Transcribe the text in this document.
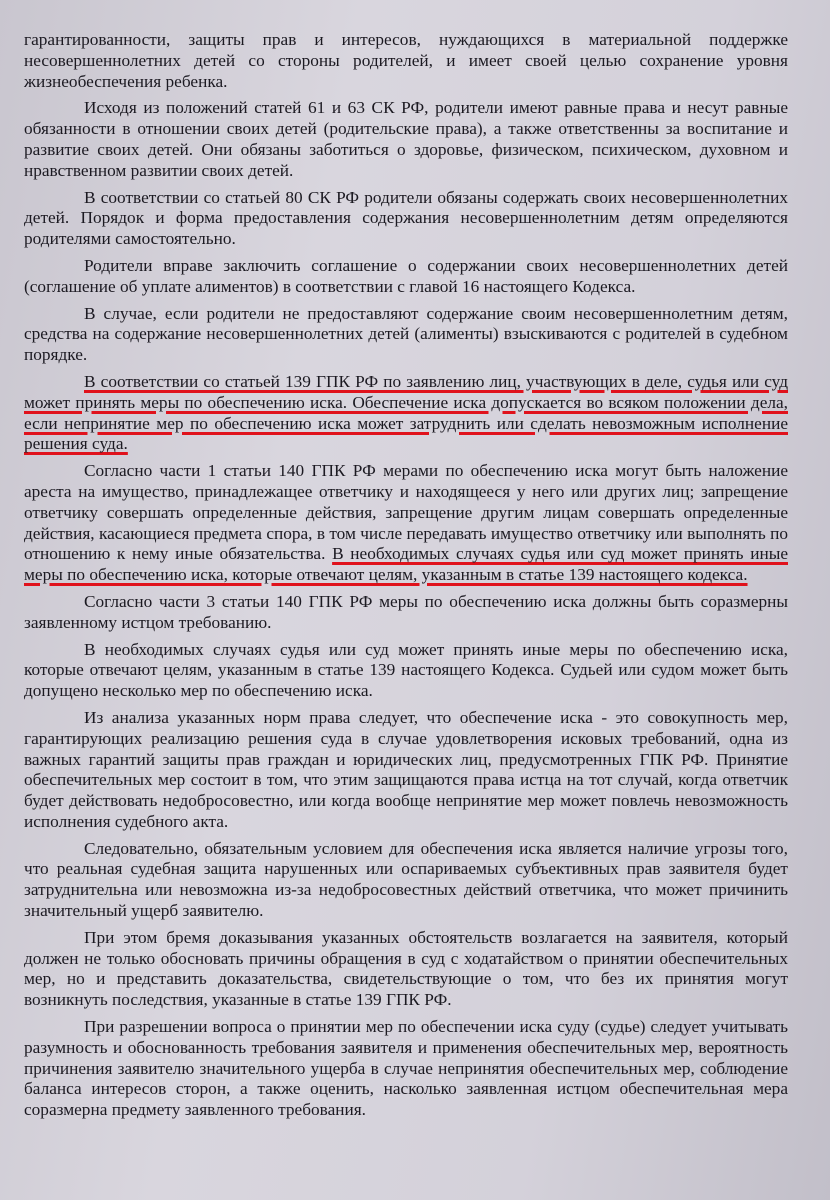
гарантированности, защиты прав и интересов, нуждающихся в материальной поддержке несовершеннолетних детей со стороны родителей, и имеет своей целью сохранение уровня жизнеобеспечения ребенка.

Исходя из положений статей 61 и 63 СК РФ, родители имеют равные права и несут равные обязанности в отношении своих детей (родительские права), а также ответственны за воспитание и развитие своих детей. Они обязаны заботиться о здоровье, физическом, психическом, духовном и нравственном развитии своих детей.

В соответствии со статьей 80 СК РФ родители обязаны содержать своих несовершеннолетних детей. Порядок и форма предоставления содержания несовершеннолетним детям определяются родителями самостоятельно.

Родители вправе заключить соглашение о содержании своих несовершеннолетних детей (соглашение об уплате алиментов) в соответствии с главой 16 настоящего Кодекса.

В случае, если родители не предоставляют содержание своим несовершеннолетним детям, средства на содержание несовершеннолетних детей (алименты) взыскиваются с родителей в судебном порядке.

В соответствии со статьей 139 ГПК РФ по заявлению лиц, участвующих в деле, судья или суд может принять меры по обеспечению иска. Обеспечение иска допускается во всяком положении дела, если непринятие мер по обеспечению иска может затруднить или сделать невозможным исполнение решения суда.

Согласно части 1 статьи 140 ГПК РФ мерами по обеспечению иска могут быть наложение ареста на имущество, принадлежащее ответчику и находящееся у него или других лиц; запрещение ответчику совершать определенные действия, запрещение другим лицам совершать определенные действия, касающиеся предмета спора, в том числе передавать имущество ответчику или выполнять по отношению к нему иные обязательства. В необходимых случаях судья или суд может принять иные меры по обеспечению иска, которые отвечают целям, указанным в статье 139 настоящего кодекса.

Согласно части 3 статьи 140 ГПК РФ меры по обеспечению иска должны быть соразмерны заявленному истцом требованию.

В необходимых случаях судья или суд может принять иные меры по обеспечению иска, которые отвечают целям, указанным в статье 139 настоящего Кодекса. Судьей или судом может быть допущено несколько мер по обеспечению иска.

Из анализа указанных норм права следует, что обеспечение иска - это совокупность мер, гарантирующих реализацию решения суда в случае удовлетворения исковых требований, одна из важных гарантий защиты прав граждан и юридических лиц, предусмотренных ГПК РФ. Принятие обеспечительных мер состоит в том, что этим защищаются права истца на тот случай, когда ответчик будет действовать недобросовестно, или когда вообще непринятие мер может повлечь невозможность исполнения судебного акта.

Следовательно, обязательным условием для обеспечения иска является наличие угрозы того, что реальная судебная защита нарушенных или оспариваемых субъективных прав заявителя будет затруднительна или невозможна из-за недобросовестных действий ответчика, что может причинить значительный ущерб заявителю.

При этом бремя доказывания указанных обстоятельств возлагается на заявителя, который должен не только обосновать причины обращения в суд с ходатайством о принятии обеспечительных мер, но и представить доказательства, свидетельствующие о том, что без их принятия могут возникнуть последствия, указанные в статье 139 ГПК РФ.

При разрешении вопроса о принятии мер по обеспечении иска суду (судье) следует учитывать разумность и обоснованность требования заявителя и применения обеспечительных мер, вероятность причинения заявителю значительного ущерба в случае непринятия обеспечительных мер, соблюдение баланса интересов сторон, а также оценить, насколько заявленная истцом обеспечительная мера соразмерна предмету заявленного требования.
